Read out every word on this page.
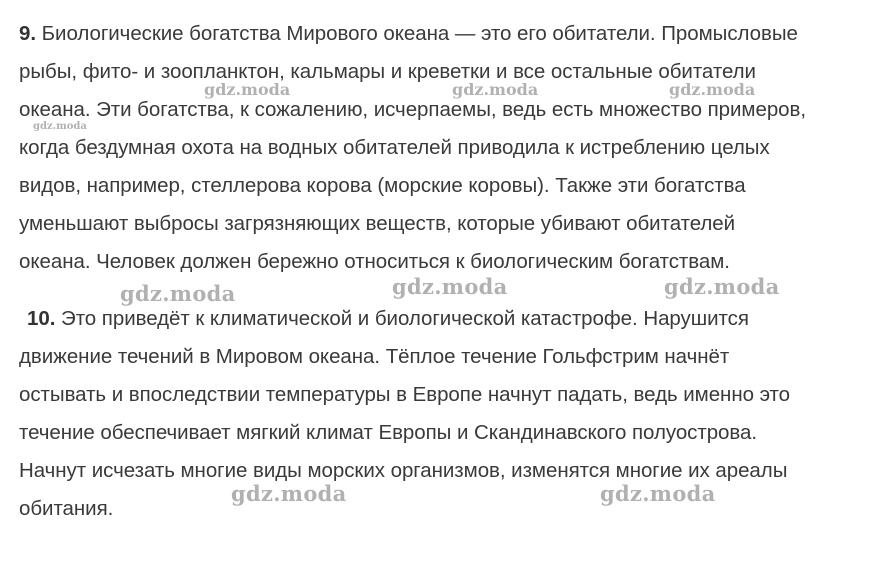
9. Биологические богатства Мирового океана — это его обитатели. Промысловые
рыбы, фито- и зоопланктон, кальмары и креветки и все остальные обитатели
океана. Эти богатства, к сожалению, исчерпаемы, ведь есть множество примеров,
когда бездумная охота на водных обитателей приводила к истреблению целых
видов, например, стеллерова корова (морские коровы). Также эти богатства
уменьшают выбросы загрязняющих веществ, которые убивают обитателей
океана. Человек должен бережно относиться к биологическим богатствам.
10. Это приведёт к климатической и биологической катастрофе. Нарушится
движение течений в Мировом океана. Тёплое течение Гольфстрим начнёт
остывать и впоследствии температуры в Европе начнут падать, ведь именно это
течение обеспечивает мягкий климат Европы и Скандинавского полуострова.
Начнут исчезать многие виды морских организмов, изменятся многие их ареалы
обитания.
gdz.moda	gdz.moda	gdz.moda
gdz.moda
gdz.moda	gdz.moda	gdz.moda
gdz.moda	gdz.moda
